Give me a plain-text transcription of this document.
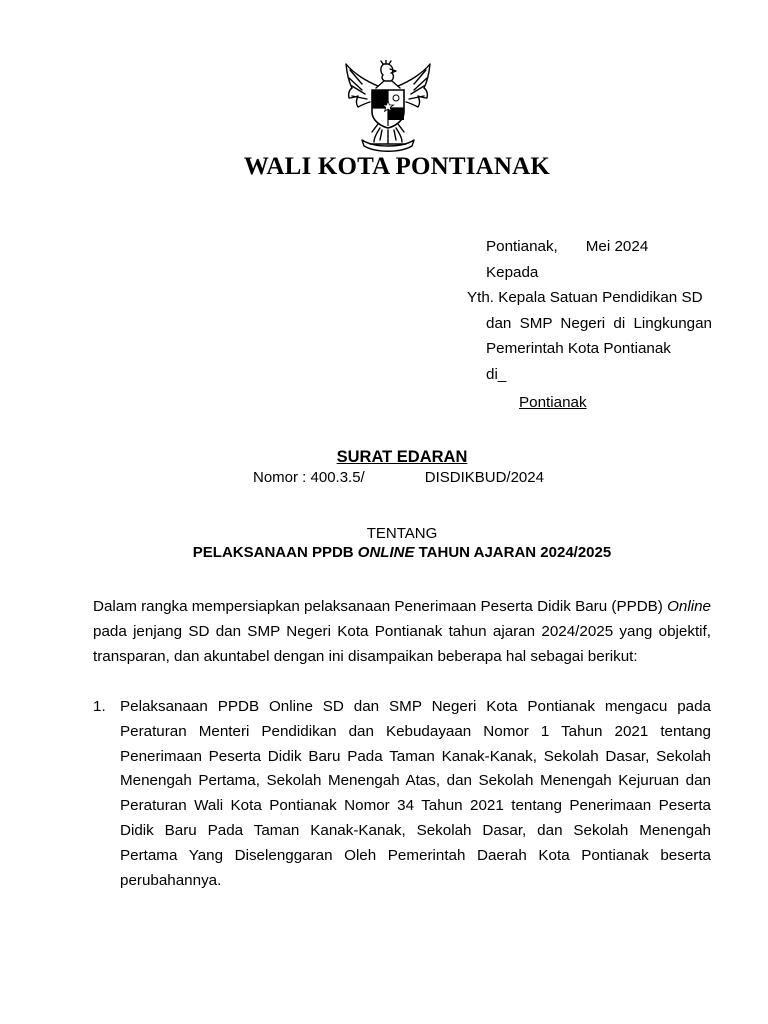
WALI KOTA PONTIANAK
Pontianak, Mei 2024
Kepada
Yth. Kepala Satuan Pendidikan SD
dan SMP Negeri di Lingkungan
Pemerintah Kota Pontianak
di_
Pontianak
SURAT EDARAN
Nomor : 400.3.5/	DISDIKBUD/2024
TENTANG
PELAKSANAAN PPDB ONLINE TAHUN AJARAN 2024/2025
Dalam rangka mempersiapkan pelaksanaan Penerimaan Peserta Didik Baru (PPDB) Online pada jenjang SD dan SMP Negeri Kota Pontianak tahun ajaran 2024/2025 yang objektif, transparan, dan akuntabel dengan ini disampaikan beberapa hal sebagai berikut:
1. Pelaksanaan PPDB Online SD dan SMP Negeri Kota Pontianak mengacu pada Peraturan Menteri Pendidikan dan Kebudayaan Nomor 1 Tahun 2021 tentang Penerimaan Peserta Didik Baru Pada Taman Kanak-Kanak, Sekolah Dasar, Sekolah Menengah Pertama, Sekolah Menengah Atas, dan Sekolah Menengah Kejuruan dan Peraturan Wali Kota Pontianak Nomor 34 Tahun 2021 tentang Penerimaan Peserta Didik Baru Pada Taman Kanak-Kanak, Sekolah Dasar, dan Sekolah Menengah Pertama Yang Diselenggaran Oleh Pemerintah Daerah Kota Pontianak beserta perubahannya.
